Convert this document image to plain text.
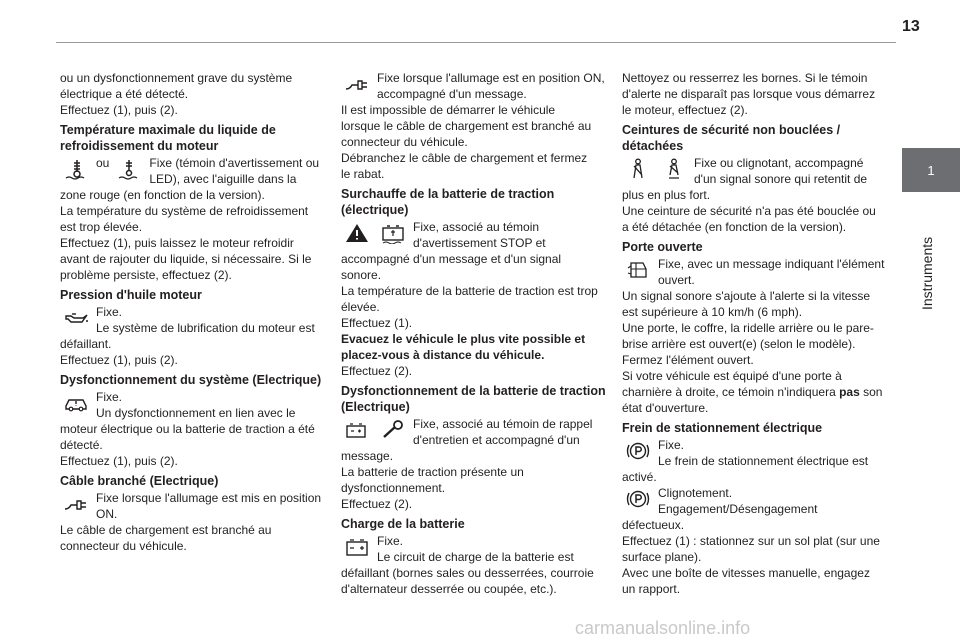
13
1
Instruments

ou un dysfonctionnement grave du système

électrique a été détecté.

Effectuez (1), puis (2).

Température maximale du liquide de refroidissement du moteur
ou	Fixe (témoin d'avertissement ou LED), avec l'aiguille dans la

zone rouge (en fonction de la version).

La température du système de refroidissement

est trop élevée.

Effectuez (1), puis laissez le moteur refroidir

avant de rajouter du liquide, si nécessaire. Si le

problème persiste, effectuez (2).

Pression d'huile moteur
Fixe.
Le système de lubrification du moteur est

défaillant.

Effectuez (1), puis (2).

Dysfonctionnement du système (Electrique)
Fixe.
Un dysfonctionnement en lien avec le

moteur électrique ou la batterie de traction a été

détecté.

Effectuez (1), puis (2).

Câble branché (Electrique)
Fixe lorsque l'allumage est mis en position ON.

Le câble de chargement est branché au

connecteur du véhicule.

Fixe lorsque l'allumage est en position ON, accompagné d'un message.

Il est impossible de démarrer le véhicule

lorsque le câble de chargement est branché au

connecteur du véhicule.

Débranchez le câble de chargement et fermez

le rabat.

Surchauffe de la batterie de traction (électrique)
Fixe, associé au témoin d'avertissement STOP et

accompagné d'un message et d'un signal

sonore.

La température de la batterie de traction est trop

élevée.

Effectuez (1).

Evacuez le véhicule le plus vite possible et placez-vous à distance du véhicule.

Effectuez (2).

Dysfonctionnement de la batterie de traction (Electrique)
Fixe, associé au témoin de rappel d'entretien et accompagné d'un

message.

La batterie de traction présente un

dysfonctionnement.

Effectuez (2).

Charge de la batterie
Fixe.
Le circuit de charge de la batterie est

défaillant (bornes sales ou desserrées, courroie

d'alternateur desserrée ou coupée, etc.).

Nettoyez ou resserrez les bornes. Si le témoin

d'alerte ne disparaît pas lorsque vous démarrez

le moteur, effectuez (2).

Ceintures de sécurité non bouclées / détachées
Fixe ou clignotant, accompagné d'un signal sonore qui retentit de

plus en plus fort.

Une ceinture de sécurité n'a pas été bouclée ou

a été détachée (en fonction de la version).

Porte ouverte
Fixe, avec un message indiquant l'élément ouvert.

Un signal sonore s'ajoute à l'alerte si la vitesse

est supérieure à 10 km/h (6 mph).

Une porte, le coffre, la ridelle arrière ou le pare-

brise arrière est ouvert(e) (selon le modèle).

Fermez l'élément ouvert.

Si votre véhicule est équipé d'une porte à

charnière à droite, ce témoin n'indiquera pas son

état d'ouverture.

Frein de stationnement électrique
Fixe.
Le frein de stationnement électrique est

activé.

Clignotement.
Engagement/Désengagement

défectueux.

Effectuez (1) : stationnez sur un sol plat (sur une

surface plane).

Avec une boîte de vitesses manuelle, engagez

un rapport.

carmanualsonline.info
